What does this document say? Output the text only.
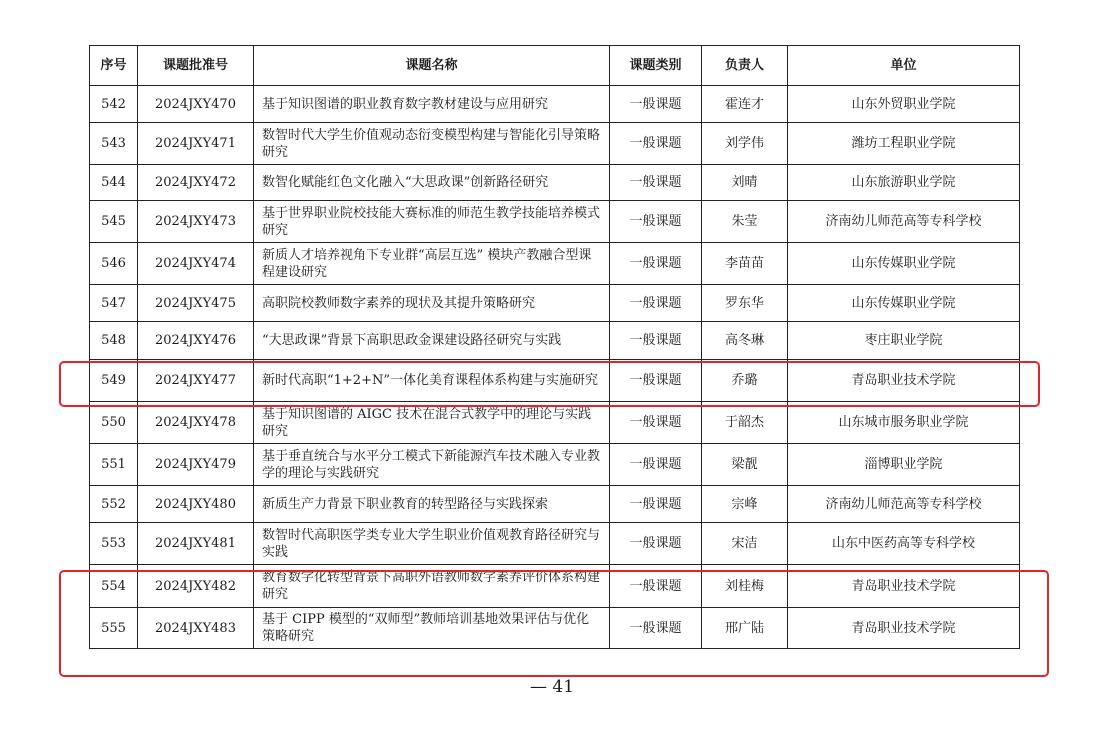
序号	课题批准号	课题名称	课题类别	负责人	单位
542	2024JXY470	基于知识图谱的职业教育数字教材建设与应用研究	一般课题	霍连才	山东外贸职业学院
543	2024JXY471	数智时代大学生价值观动态衍变模型构建与智能化引导策略研究	一般课题	刘学伟	潍坊工程职业学院
544	2024JXY472	数智化赋能红色文化融入“大思政课”创新路径研究	一般课题	刘晴	山东旅游职业学院
545	2024JXY473	基于世界职业院校技能大赛标准的师范生教学技能培养模式研究	一般课题	朱莹	济南幼儿师范高等专科学校
546	2024JXY474	新质人才培养视角下专业群“高层互选” 模块产教融合型课程建设研究	一般课题	李苗苗	山东传媒职业学院
547	2024JXY475	高职院校教师数字素养的现状及其提升策略研究	一般课题	罗东华	山东传媒职业学院
548	2024JXY476	“大思政课”背景下高职思政金课建设路径研究与实践	一般课题	高冬琳	枣庄职业学院
549	2024JXY477	新时代高职“1+2+N”一体化美育课程体系构建与实施研究	一般课题	乔璐	青岛职业技术学院
550	2024JXY478	基于知识图谱的 AIGC 技术在混合式教学中的理论与实践研究	一般课题	于韶杰	山东城市服务职业学院
551	2024JXY479	基于垂直统合与水平分工模式下新能源汽车技术融入专业教学的理论与实践研究	一般课题	梁靓	淄博职业学院
552	2024JXY480	新质生产力背景下职业教育的转型路径与实践探索	一般课题	宗峰	济南幼儿师范高等专科学校
553	2024JXY481	数智时代高职医学类专业大学生职业价值观教育路径研究与实践	一般课题	宋洁	山东中医药高等专科学校
554	2024JXY482	教育数字化转型背景下高职外语教师数字素养评价体系构建研究	一般课题	刘桂梅	青岛职业技术学院
555	2024JXY483	基于 CIPP 模型的“双师型”教师培训基地效果评估与优化策略研究	一般课题	邢广陆	青岛职业技术学院
— 41
